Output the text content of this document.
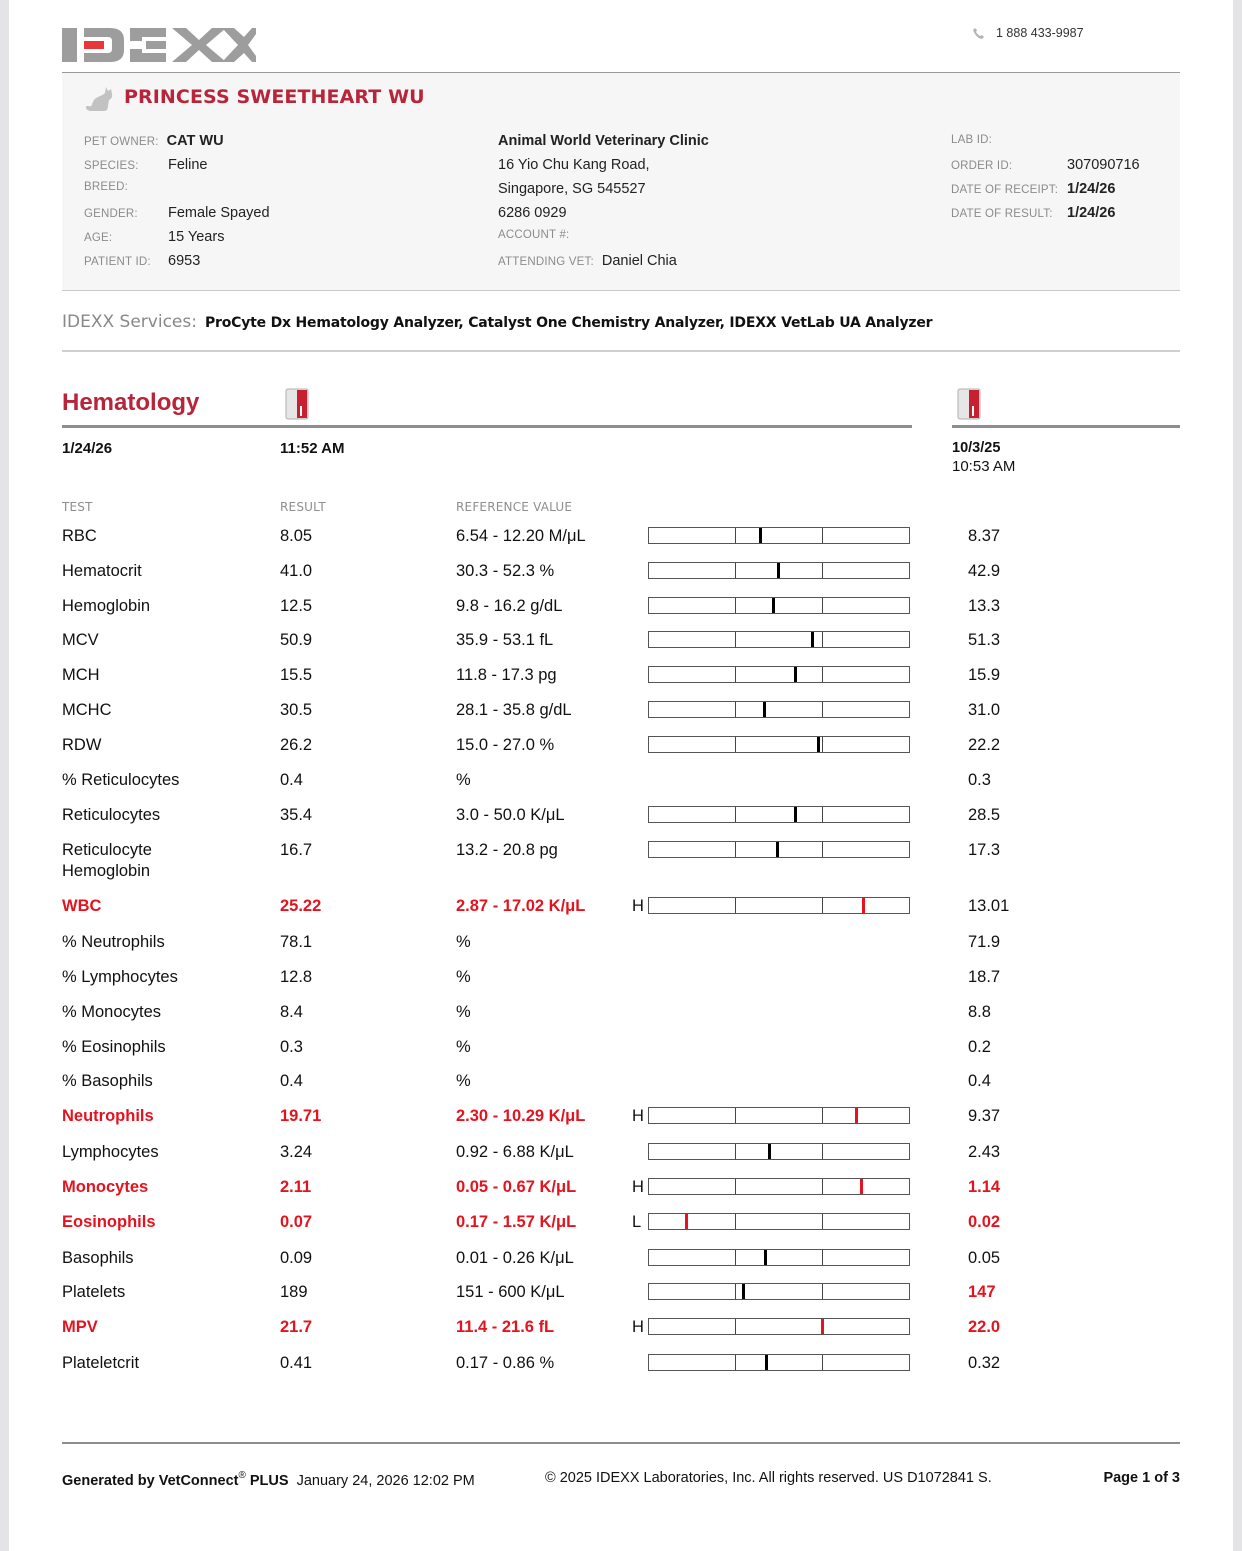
1 888 433-9987
PRINCESS SWEETHEART WU
PET OWNER: CAT WU
SPECIES:	Feline
BREED:
GENDER:	Female Spayed
AGE:	15 Years
PATIENT ID:	6953
Animal World Veterinary Clinic
16 Yio Chu Kang Road,
Singapore, SG 545527
6286 0929
ACCOUNT #:
ATTENDING VET: Daniel Chia
LAB ID:
ORDER ID:	307090716
DATE OF RECEIPT: 1/24/26
DATE OF RESULT: 1/24/26
IDEXX Services: ProCyte Dx Hematology Analyzer, Catalyst One Chemistry Analyzer, IDEXX VetLab UA Analyzer
Hematology
1/24/26	11:52 AM	10/3/25
10:53 AM
TEST	RESULT	REFERENCE VALUE
RBC	8.05	6.54 - 12.20 M/μL	8.37
Hematocrit	41.0	30.3 - 52.3 %	42.9
Hemoglobin	12.5	9.8 - 16.2 g/dL	13.3
MCV	50.9	35.9 - 53.1 fL	51.3
MCH	15.5	11.8 - 17.3 pg	15.9
MCHC	30.5	28.1 - 35.8 g/dL	31.0
RDW	26.2	15.0 - 27.0 %	22.2
% Reticulocytes	0.4	%	0.3
Reticulocytes	35.4	3.0 - 50.0 K/μL	28.5
Reticulocyte
Hemoglobin
16.7	13.2 - 20.8 pg	17.3
WBC	25.22	2.87 - 17.02 K/μL	H	13.01
% Neutrophils	78.1	%	71.9
% Lymphocytes	12.8	%	18.7
% Monocytes	8.4	%	8.8
% Eosinophils	0.3	%	0.2
% Basophils	0.4	%	0.4
Neutrophils	19.71	2.30 - 10.29 K/μL	H	9.37
Lymphocytes	3.24	0.92 - 6.88 K/μL	2.43
Monocytes	2.11	0.05 - 0.67 K/μL	H	1.14
Eosinophils	0.07	0.17 - 1.57 K/μL	L	0.02
Basophils	0.09	0.01 - 0.26 K/μL	0.05
Platelets	189	151 - 600 K/μL	147
MPV	21.7	11.4 - 21.6 fL	H	22.0
Plateletcrit	0.41	0.17 - 0.86 %	0.32
Generated by VetConnect® PLUS January 24, 2026 12:02 PM	© 2025 IDEXX Laboratories, Inc. All rights reserved. US D1072841 S.	Page 1 of 3
